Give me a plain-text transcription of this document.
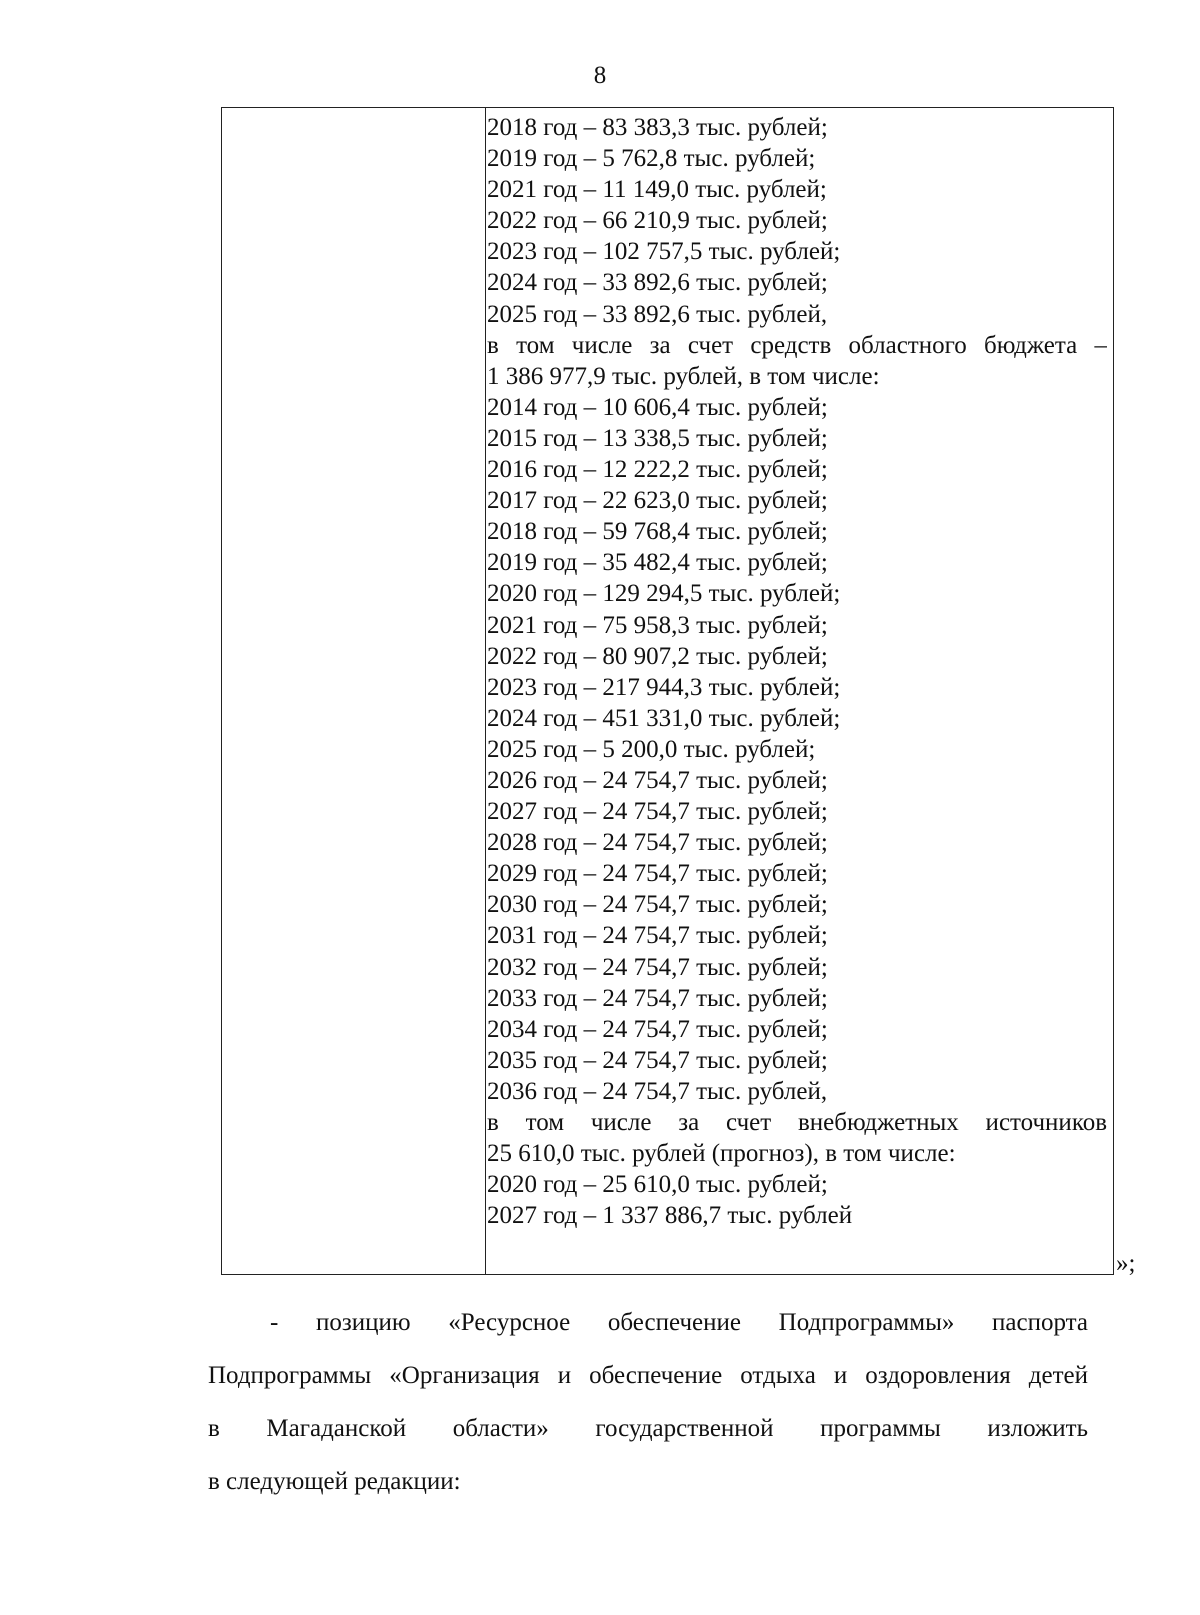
8
2018 год – 83 383,3 тыс. рублей;
2019 год – 5 762,8 тыс. рублей;
2021 год – 11 149,0 тыс. рублей;
2022 год – 66 210,9 тыс. рублей;
2023 год – 102 757,5 тыс. рублей;
2024 год – 33 892,6 тыс. рублей;
2025 год – 33 892,6 тыс. рублей,
в том числе за счет средств областного бюджета –
1 386 977,9 тыс. рублей, в том числе:
2014 год – 10 606,4 тыс. рублей;
2015 год – 13 338,5 тыс. рублей;
2016 год – 12 222,2 тыс. рублей;
2017 год – 22 623,0 тыс. рублей;
2018 год – 59 768,4 тыс. рублей;
2019 год – 35 482,4 тыс. рублей;
2020 год – 129 294,5 тыс. рублей;
2021 год – 75 958,3 тыс. рублей;
2022 год – 80 907,2 тыс. рублей;
2023 год – 217 944,3 тыс. рублей;
2024 год – 451 331,0 тыс. рублей;
2025 год – 5 200,0 тыс. рублей;
2026 год – 24 754,7 тыс. рублей;
2027 год – 24 754,7 тыс. рублей;
2028 год – 24 754,7 тыс. рублей;
2029 год – 24 754,7 тыс. рублей;
2030 год – 24 754,7 тыс. рублей;
2031 год – 24 754,7 тыс. рублей;
2032 год – 24 754,7 тыс. рублей;
2033 год – 24 754,7 тыс. рублей;
2034 год – 24 754,7 тыс. рублей;
2035 год – 24 754,7 тыс. рублей;
2036 год – 24 754,7 тыс. рублей,
в том числе за счет внебюджетных источников
25 610,0 тыс. рублей (прогноз), в том числе:
2020 год – 25 610,0 тыс. рублей;
2027 год – 1 337 886,7 тыс. рублей
»;
- позицию «Ресурсное обеспечение Подпрограммы» паспорта
Подпрограммы «Организация и обеспечение отдыха и оздоровления детей
в Магаданской области» государственной программы изложить
в следующей редакции:
